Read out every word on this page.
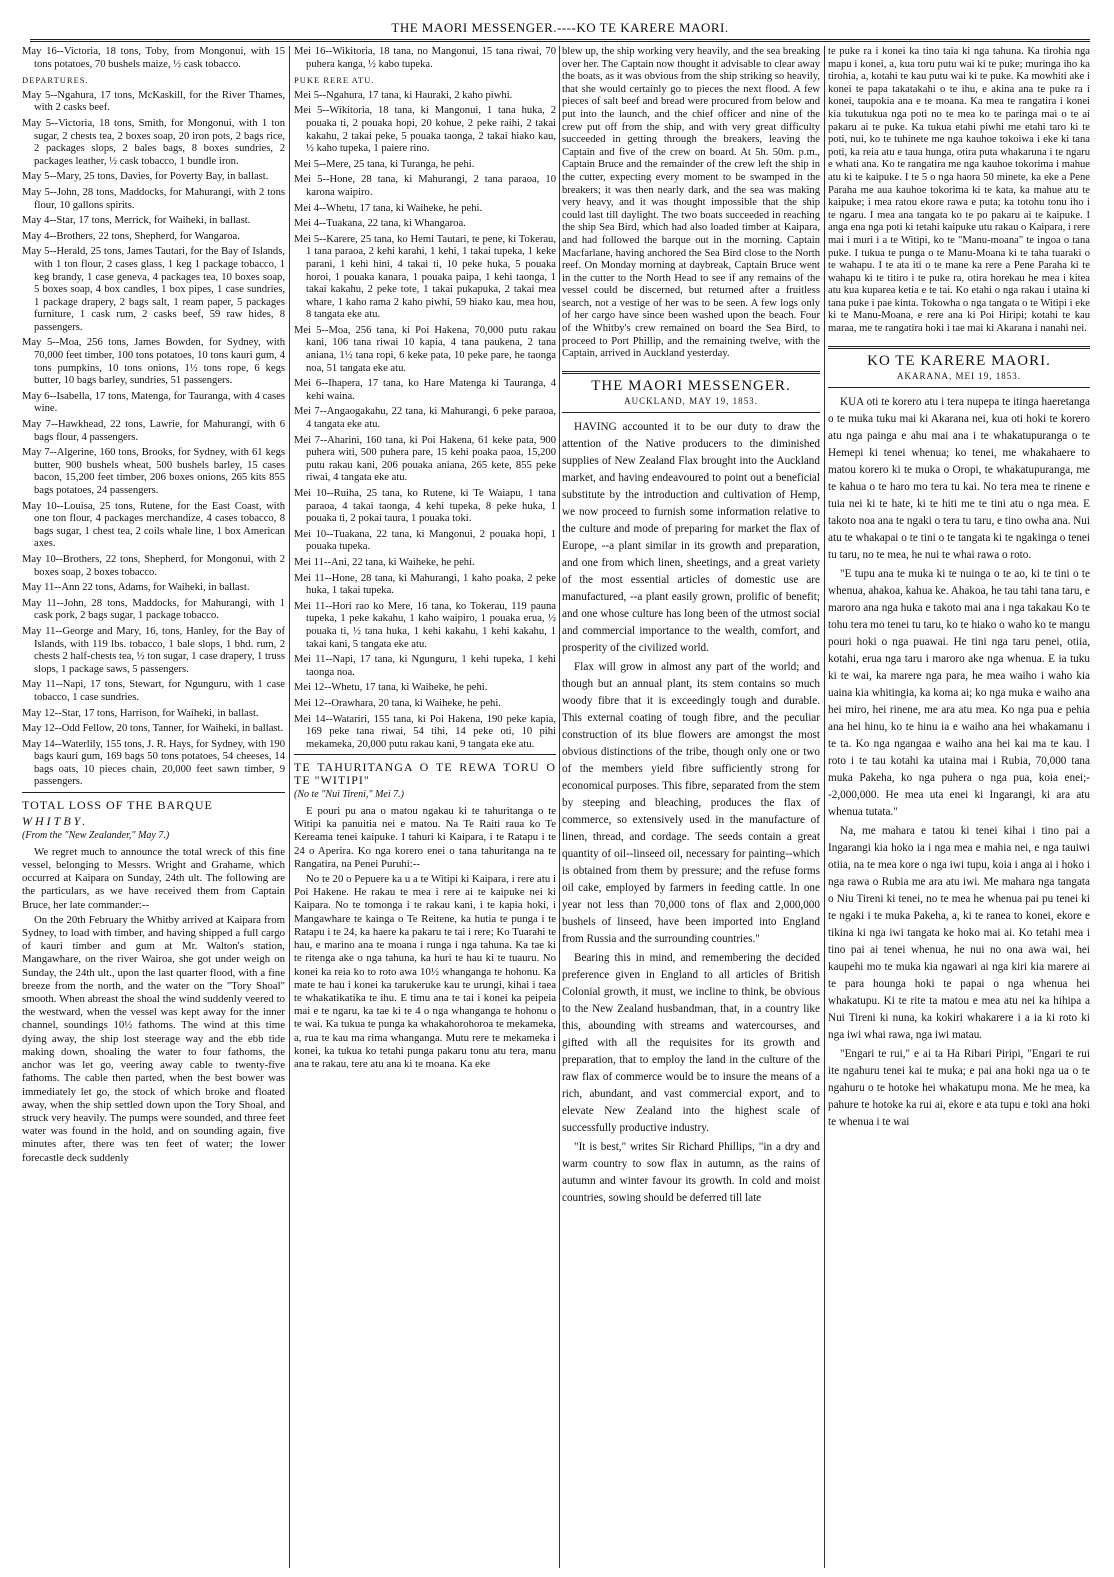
THE MAORI MESSENGER.----KO TE KARERE MAORI.

May 16--Victoria, 18 tons, Toby, from Mongonui, with 15 tons potatoes, 70 bushels maize, ½ cask tobacco.

DEPARTURES.

May 5--Ngahura, 17 tons, McKaskill, for the River Thames, with 2 casks beef.

May 5--Victoria, 18 tons, Smith, for Mongonui, with 1 ton sugar, 2 chests tea, 2 boxes soap, 20 iron pots, 2 bags rice, 2 packages slops, 2 bales bags, 8 boxes sundries, 2 packages leather, ½ cask tobacco, 1 bundle iron.

May 5--Mary, 25 tons, Davies, for Poverty Bay, in ballast.

May 5--John, 28 tons, Maddocks, for Mahurangi, with 2 tons flour, 10 gallons spirits.

May 4--Star, 17 tons, Merrick, for Waiheki, in ballast.

May 4--Brothers, 22 tons, Shepherd, for Wangaroa.

May 5--Herald, 25 tons, James Tautari, for the Bay of Islands, with 1 ton flour, 2 cases glass, 1 keg 1 package tobacco, 1 keg brandy, 1 case geneva, 4 packages tea, 10 boxes soap, 5 boxes soap, 4 box candles, 1 box pipes, 1 case sundries, 1 package drapery, 2 bags salt, 1 ream paper, 5 packages furniture, 1 cask rum, 2 casks beef, 59 raw hides, 8 passengers.

May 5--Moa, 256 tons, James Bowden, for Sydney, with 70,000 feet timber, 100 tons potatoes, 10 tons kauri gum, 4 tons pumpkins, 10 tons onions, 1½ tons rope, 6 kegs butter, 10 bags barley, sundries, 51 passengers.

May 6--Isabella, 17 tons, Matenga, for Tauranga, with 4 cases wine.

May 7--Hawkhead, 22 tons, Lawrie, for Mahurangi, with 6 bags flour, 4 passengers.

May 7--Algerine, 160 tons, Brooks, for Sydney, with 61 kegs butter, 900 bushels wheat, 500 bushels barley, 15 cases bacon, 15,200 feet timber, 206 boxes onions, 265 kits 855 bags potatoes, 24 passengers.

May 10--Louisa, 25 tons, Rutene, for the East Coast, with one ton flour, 4 packages merchandize, 4 cases tobacco, 8 bags sugar, 1 chest tea, 2 coils whale line, 1 box American axes.

May 10--Brothers, 22 tons, Shepherd, for Mongonui, with 2 boxes soap, 2 boxes tobacco.

May 11--Ann 22 tons, Adams, for Waiheki, in ballast.

May 11--John, 28 tons, Maddocks, for Mahurangi, with 1 cask pork, 2 bags sugar, 1 package tobacco.

May 11--George and Mary, 16, tons, Hanley, for the Bay of Islands, with 119 lbs. tobacco, 1 bale slops, 1 bhd. rum, 2 chests 2 half-chests tea, ½ ton sugar, 1 case drapery, 1 truss slops, 1 package saws, 5 passengers.

May 11--Napi, 17 tons, Stewart, for Ngunguru, with 1 case tobacco, 1 case sundries.

May 12--Star, 17 tons, Harrison, for Waiheki, in ballast.

May 12--Odd Fellow, 20 tons, Tanner, for Waiheki, in ballast.

May 14--Waterlily, 155 tons, J. R. Hays, for Sydney, with 190 bags kauri gum, 169 bags 50 tons potatoes, 54 cheeses, 14 bags oats, 10 pieces chain, 20,000 feet sawn timber, 9 passengers.

TOTAL LOSS OF THE BARQUE

WHITBY.

(From the "New Zealander," May 7.)

We regret much to announce the total wreck of this fine vessel, belonging to Messrs. Wright and Grahame, which occurred at Kaipara on Sunday, 24th ult. The following are the particulars, as we have received them from Captain Bruce, her late commander:--

On the 20th February the Whitby arrived at Kaipara from Sydney, to load with timber, and having shipped a full cargo of kauri timber and gum at Mr. Walton's station, Mangawhare, on the river Wairoa, she got under weigh on Sunday, the 24th ult., upon the last quarter flood, with a fine breeze from the north, and the water on the "Tory Shoal" smooth. When abreast the shoal the wind suddenly veered to the westward, when the vessel was kept away for the inner channel, soundings 10½ fathoms. The wind at this time dying away, the ship lost steerage way and the ebb tide making down, shoaling the water to four fathoms, the anchor was let go, veering away cable to twenty-five fathoms. The cable then parted, when the best bower was immediately let go, the stock of which broke and floated away, when the ship settled down upon the Tory Shoal, and struck very heavily. The pumps were sounded, and three feet water was found in the hold, and on sounding again, five minutes after, there was ten feet of water; the lower forecastle deck suddenly

Mei 16--Wikitoria, 18 tana, no Mangonui, 15 tana riwai, 70 puhera kanga, ½ kabo tupeka.

PUKE RERE ATU.

Mei 5--Ngahura, 17 tana, ki Hauraki, 2 kaho piwhi.

Mei 5--Wikitoria, 18 tana, ki Mangonui, 1 tana huka, 2 pouaka ti, 2 pouaka hopi, 20 kohue, 2 peke raihi, 2 takai kakahu, 2 takai peke, 5 pouaka taonga, 2 takai hiako kau, ½ kaho tupeka, 1 paiere rino.

Mei 5--Mere, 25 tana, ki Turanga, he pehi.

Mei 5--Hone, 28 tana, ki Mahurangi, 2 tana paraoa, 10 karona waipiro.

Mei 4--Whetu, 17 tana, ki Waiheke, he pehi.

Mei 4--Tuakana, 22 tana, ki Whangaroa.

Mei 5--Karere, 25 tana, ko Hemi Tautari, te pene, ki Tokerau, 1 tana paraoa, 2 kehi karahi, 1 kehi, 1 takai tupeka, 1 keke parani, 1 kehi hini, 4 takai ti, 10 peke huka, 5 pouaka horoi, 1 pouaka kanara, 1 pouaka paipa, 1 kehi taonga, 1 takai kakahu, 2 peke tote, 1 takai pukapuka, 2 takai mea whare, 1 kaho rama 2 kaho piwhi, 59 hiako kau, mea hou, 8 tangata eke atu.

Mei 5--Moa, 256 tana, ki Poi Hakena, 70,000 putu rakau kani, 106 tana riwai 10 kapia, 4 tana paukena, 2 tana aniana, 1½ tana ropi, 6 keke pata, 10 peke pare, he taonga noa, 51 tangata eke atu.

Mei 6--Ihapera, 17 tana, ko Hare Matenga ki Tauranga, 4 kehi waina.

Mei 7--Angaogakahu, 22 tana, ki Mahurangi, 6 peke paraoa, 4 tangata eke atu.

Mei 7--Aharini, 160 tana, ki Poi Hakena, 61 keke pata, 900 puhera witi, 500 puhera pare, 15 kehi poaka paoa, 15,200 putu rakau kani, 206 pouaka aniana, 265 kete, 855 peke riwai, 4 tangata eke atu.

Mei 10--Ruiha, 25 tana, ko Rutene, ki Te Waiapu, 1 tana paraoa, 4 takai taonga, 4 kehi tupeka, 8 peke huka, 1 pouaka ti, 2 pokai taura, 1 pouaka toki.

Mei 10--Tuakana, 22 tana, ki Mangonui, 2 pouaka hopi, 1 pouaka tupeka.

Mei 11--Ani, 22 tana, ki Waiheke, he pehi.

Mei 11--Hone, 28 tana, ki Mahurangi, 1 kaho poaka, 2 peke huka, 1 takai tupeka.

Mei 11--Hori rao ko Mere, 16 tana, ko Tokerau, 119 pauna tupeka, 1 peke kakahu, 1 kaho waipiro, 1 pouaka erua, ½ pouaka ti, ½ tana huka, 1 kehi kakahu, 1 kehi kakahu, 1 takai kani, 5 tangata eke atu.

Mei 11--Napi, 17 tana, ki Ngunguru, 1 kehi tupeka, 1 kehi taonga noa.

Mei 12--Whetu, 17 tana, ki Waiheke, he pehi.

Mei 12--Orawhara, 20 tana, ki Waiheke, he pehi.

Mei 14--Watariri, 155 tana, ki Poi Hakena, 190 peke kapia, 169 peke tana riwai, 54 tihi, 14 peke oti, 10 pihi mekameka, 20,000 putu rakau kani, 9 tangata eke atu.

TE TAHURITANGA O TE REWA TORU O TE "WITIPI"

(No te "Nui Tireni," Mei 7.)

E pouri pu ana o matou ngakau ki te tahuritanga o te Witipi ka panuitia nei e matou. Na Te Raiti raua ko Te Kereama tenei kaipuke. I tahuri ki Kaipara, i te Ratapu i te 24 o Aperira. Ko nga korero enei o tana tahuritanga na te Rangatira, na Penei Puruhi:--

No te 20 o Pepuere ka u a te Witipi ki Kaipara, i rere atu i Poi Hakene. He rakau te mea i rere ai te kaipuke nei ki Kaipara. No te tomonga i te rakau kani, i te kapia hoki, i Mangawhare te kainga o Te Reitene, ka hutia te punga i te Ratapu i te 24, ka haere ka pakaru te tai i rere; Ko Tuarahi te hau, e marino ana te moana i runga i nga tahuna. Ka tae ki te ritenga ake o nga tahuna, ka huri te hau ki te tuauru. No konei ka reia ko to roto awa 10½ whanganga te hohonu. Ka mate te hau i konei ka tarukeruke kau te urungi, kihai i taea te whakatikatika te ihu. E timu ana te tai i konei ka peipeia mai e te ngaru, ka tae ki te 4 o nga whanganga te hohonu o te wai. Ka tukua te punga ka whakahorohoroa te mekameka, a, rua te kau ma rima whanganga. Mutu rere te mekameka i konei, ka tukua ko tetahi punga pakaru tonu atu tera, manu ana te rakau, tere atu ana ki te moana. Ka eke

blew up, the ship working very heavily, and the sea breaking over her. The Captain now thought it advisable to clear away the boats, as it was obvious from the ship striking so heavily, that she would certainly go to pieces the next flood. A few pieces of salt beef and bread were procured from below and put into the launch, and the chief officer and nine of the crew put off from the ship, and with very great difficulty succeeded in getting through the breakers, leaving the Captain and five of the crew on board. At 5h. 50m. p.m., Captain Bruce and the remainder of the crew left the ship in the cutter, expecting every moment to be swamped in the breakers; it was then nearly dark, and the sea was making very heavy, and it was thought impossible that the ship could last till daylight. The two boats succeeded in reaching the ship Sea Bird, which had also loaded timber at Kaipara, and had followed the barque out in the morning. Captain Macfarlane, having anchored the Sea Bird close to the North reef. On Monday morning at daybreak, Captain Bruce went in the cutter to the North Head to see if any remains of the vessel could be discerned, but returned after a fruitless search, not a vestige of her was to be seen. A few logs only of her cargo have since been washed upon the beach. Four of the Whitby's crew remained on board the Sea Bird, to proceed to Port Phillip, and the remaining twelve, with the Captain, arrived in Auckland yesterday.

THE MAORI MESSENGER.
AUCKLAND, MAY 19, 1853.

HAVING accounted it to be our duty to draw the attention of the Native producers to the diminished supplies of New Zealand Flax brought into the Auckland market, and having endeavoured to point out a beneficial substitute by the introduction and cultivation of Hemp, we now proceed to furnish some information relative to the culture and mode of preparing for market the flax of Europe, --a plant similar in its growth and preparation, and one from which linen, sheetings, and a great variety of the most essential articles of domestic use are manufactured, --a plant easily grown, prolific of benefit; and one whose culture has long been of the utmost social and commercial importance to the wealth, comfort, and prosperity of the civilized world.

Flax will grow in almost any part of the world; and though but an annual plant, its stem contains so much woody fibre that it is exceedingly tough and durable. This external coating of tough fibre, and the peculiar construction of its blue flowers are amongst the most obvious distinctions of the tribe, though only one or two of the members yield fibre sufficiently strong for economical purposes. This fibre, separated from the stem by steeping and bleaching, produces the flax of commerce, so extensively used in the manufacture of linen, thread, and cordage. The seeds contain a great quantity of oil--linseed oil, necessary for painting--which is obtained from them by pressure; and the refuse forms oil cake, employed by farmers in feeding cattle. In one year not less than 70,000 tons of flax and 2,000,000 bushels of linseed, have been imported into England from Russia and the surrounding countries."

Bearing this in mind, and remembering the decided preference given in England to all articles of British Colonial growth, it must, we incline to think, be obvious to the New Zealand husbandman, that, in a country like this, abounding with streams and watercourses, and gifted with all the requisites for its growth and preparation, that to employ the land in the culture of the raw flax of commerce would be to insure the means of a rich, abundant, and vast commercial export, and to elevate New Zealand into the highest scale of successfully productive industry.

"It is best," writes Sir Richard Phillips, "in a dry and warm country to sow flax in autumn, as the rains of autumn and winter favour its growth. In cold and moist countries, sowing should be deferred till late

te puke ra i konei ka tino taia ki nga tahuna. Ka tirohia nga mapu i konei, a, kua toru putu wai ki te puke; muringa iho ka tirohia, a, kotahi te kau putu wai ki te puke. Ka mowhiti ake i konei te papa takatakahi o te ihu, e akina ana te puke ra i konei, taupokia ana e te moana. Ka mea te rangatira i konei kia tukutukua nga poti no te mea ko te paringa mai o te ai pakaru ai te puke. Ka tukua etahi piwhi me etahi taro ki te poti, nui, ko te tuhinete me nga kauhoe tokoiwa i eke ki tana poti, ka reia atu e taua hunga, otira puta whakaruna i te ngaru e whati ana. Ko te rangatira me nga kauhoe tokorima i mahue atu ki te kaipuke. I te 5 o nga haora 50 minete, ka eke a Pene Paraha me aua kauhoe tokorima ki te kata, ka mahue atu te kaipuke; i mea ratou ekore rawa e puta; ka totohu tonu iho i te ngaru. I mea ana tangata ko te po pakaru ai te kaipuke. I anga ena nga poti ki tetahi kaipuke utu rakau o Kaipara, i rere mai i muri i a te Witipi, ko te "Manu-moana" te ingoa o tana puke. I tukua te punga o te Manu-Moana ki te taha tuaraki o te wahapu. I te ata iti o te mane ka rere a Pene Paraha ki te wahapu ki te titiro i te puke ra, otira horekau he mea i kitea atu kua kuparea ketia e te tai. Ko etahi o nga rakau i utaina ki tana puke i pae kinta. Tokowha o nga tangata o te Witipi i eke ki te Manu-Moana, e rere ana ki Poi Hiripi; kotahi te kau maraa, me te rangatira hoki i tae mai ki Akarana i nanahi nei.

KO TE KARERE MAORI.
AKARANA, MEI 19, 1853.

KUA oti te korero atu i tera nupepa te itinga haeretanga o te muka tuku mai ki Akarana nei, kua oti hoki te korero atu nga painga e ahu mai ana i te whakatupuranga o te Hemepi ki tenei whenua; ko tenei, me whakahaere to matou korero ki te muka o Oropi, te whakatupuranga, me te kahua o te haro mo tera tu kai. No tera mea te rinene e tuia nei ki te hate, ki te hiti me te tini atu o nga mea. E takoto noa ana te ngaki o tera tu taru, e tino owha ana. Nui atu te whakapai o te tini o te tangata ki te ngakinga o tenei tu taru, no te mea, he nui te whai rawa o roto.

"E tupu ana te muka ki te nuinga o te ao, ki te tini o te whenua, ahakoa, kahua ke. Ahakoa, he tau tahi tana taru, e maroro ana nga huka e takoto mai ana i nga takakau Ko te tohu tera mo tenei tu taru, ko te hiako o waho ko te mangu pouri hoki o nga puawai. He tini nga taru penei, otiia, kotahi, erua nga taru i maroro ake nga whenua. E ia tuku ki te wai, ka marere nga para, he mea waiho i waho kia uaina kia whitingia, ka koma ai; ko nga muka e waiho ana hei miro, hei rinene, me ara atu mea. Ko nga pua e pehia ana hei hinu, ko te hinu ia e waiho ana hei whakamanu i te ta. Ko nga ngangaa e waiho ana hei kai ma te kau. I roto i te tau kotahi ka utaina mai i Rubia, 70,000 tana muka Pakeha, ko nga puhera o nga pua, koia enei;--2,000,000. He mea uta enei ki Ingarangi, ki ara atu whenua tutata."

Na, me mahara e tatou ki tenei kihai i tino pai a Ingarangi kia hoko ia i nga mea e mahia nei, e nga tauiwi otiia, na te mea kore o nga iwi tupu, koia i anga ai i hoko i nga rawa o Rubia me ara atu iwi. Me mahara nga tangata o Niu Tireni ki tenei, no te mea he whenua pai pu tenei ki te ngaki i te muka Pakeha, a, ki te ranea to konei, ekore e tikina ki nga iwi tangata ke hoko mai ai. Ko tetahi mea i tino pai ai tenei whenua, he nui no ona awa wai, hei kaupehi mo te muka kia ngawari ai nga kiri kia marere ai te para hounga hoki te papai o nga whenua hei whakatupu. Ki te rite ta matou e mea atu nei ka hihipa a Nui Tireni ki nuna, ka kokiri whakarere i a ia ki roto ki nga iwi whai rawa, nga iwi matau.

"Engari te rui," e ai ta Ha Ribari Piripi, "Engari te rui ite ngahuru tenei kai te muka; e pai ana hoki nga ua o te ngahuru o te hotoke hei whakatupu mona. Me he mea, ka pahure te hotoke ka rui ai, ekore e ata tupu e toki ana hoki te whenua i te wai
